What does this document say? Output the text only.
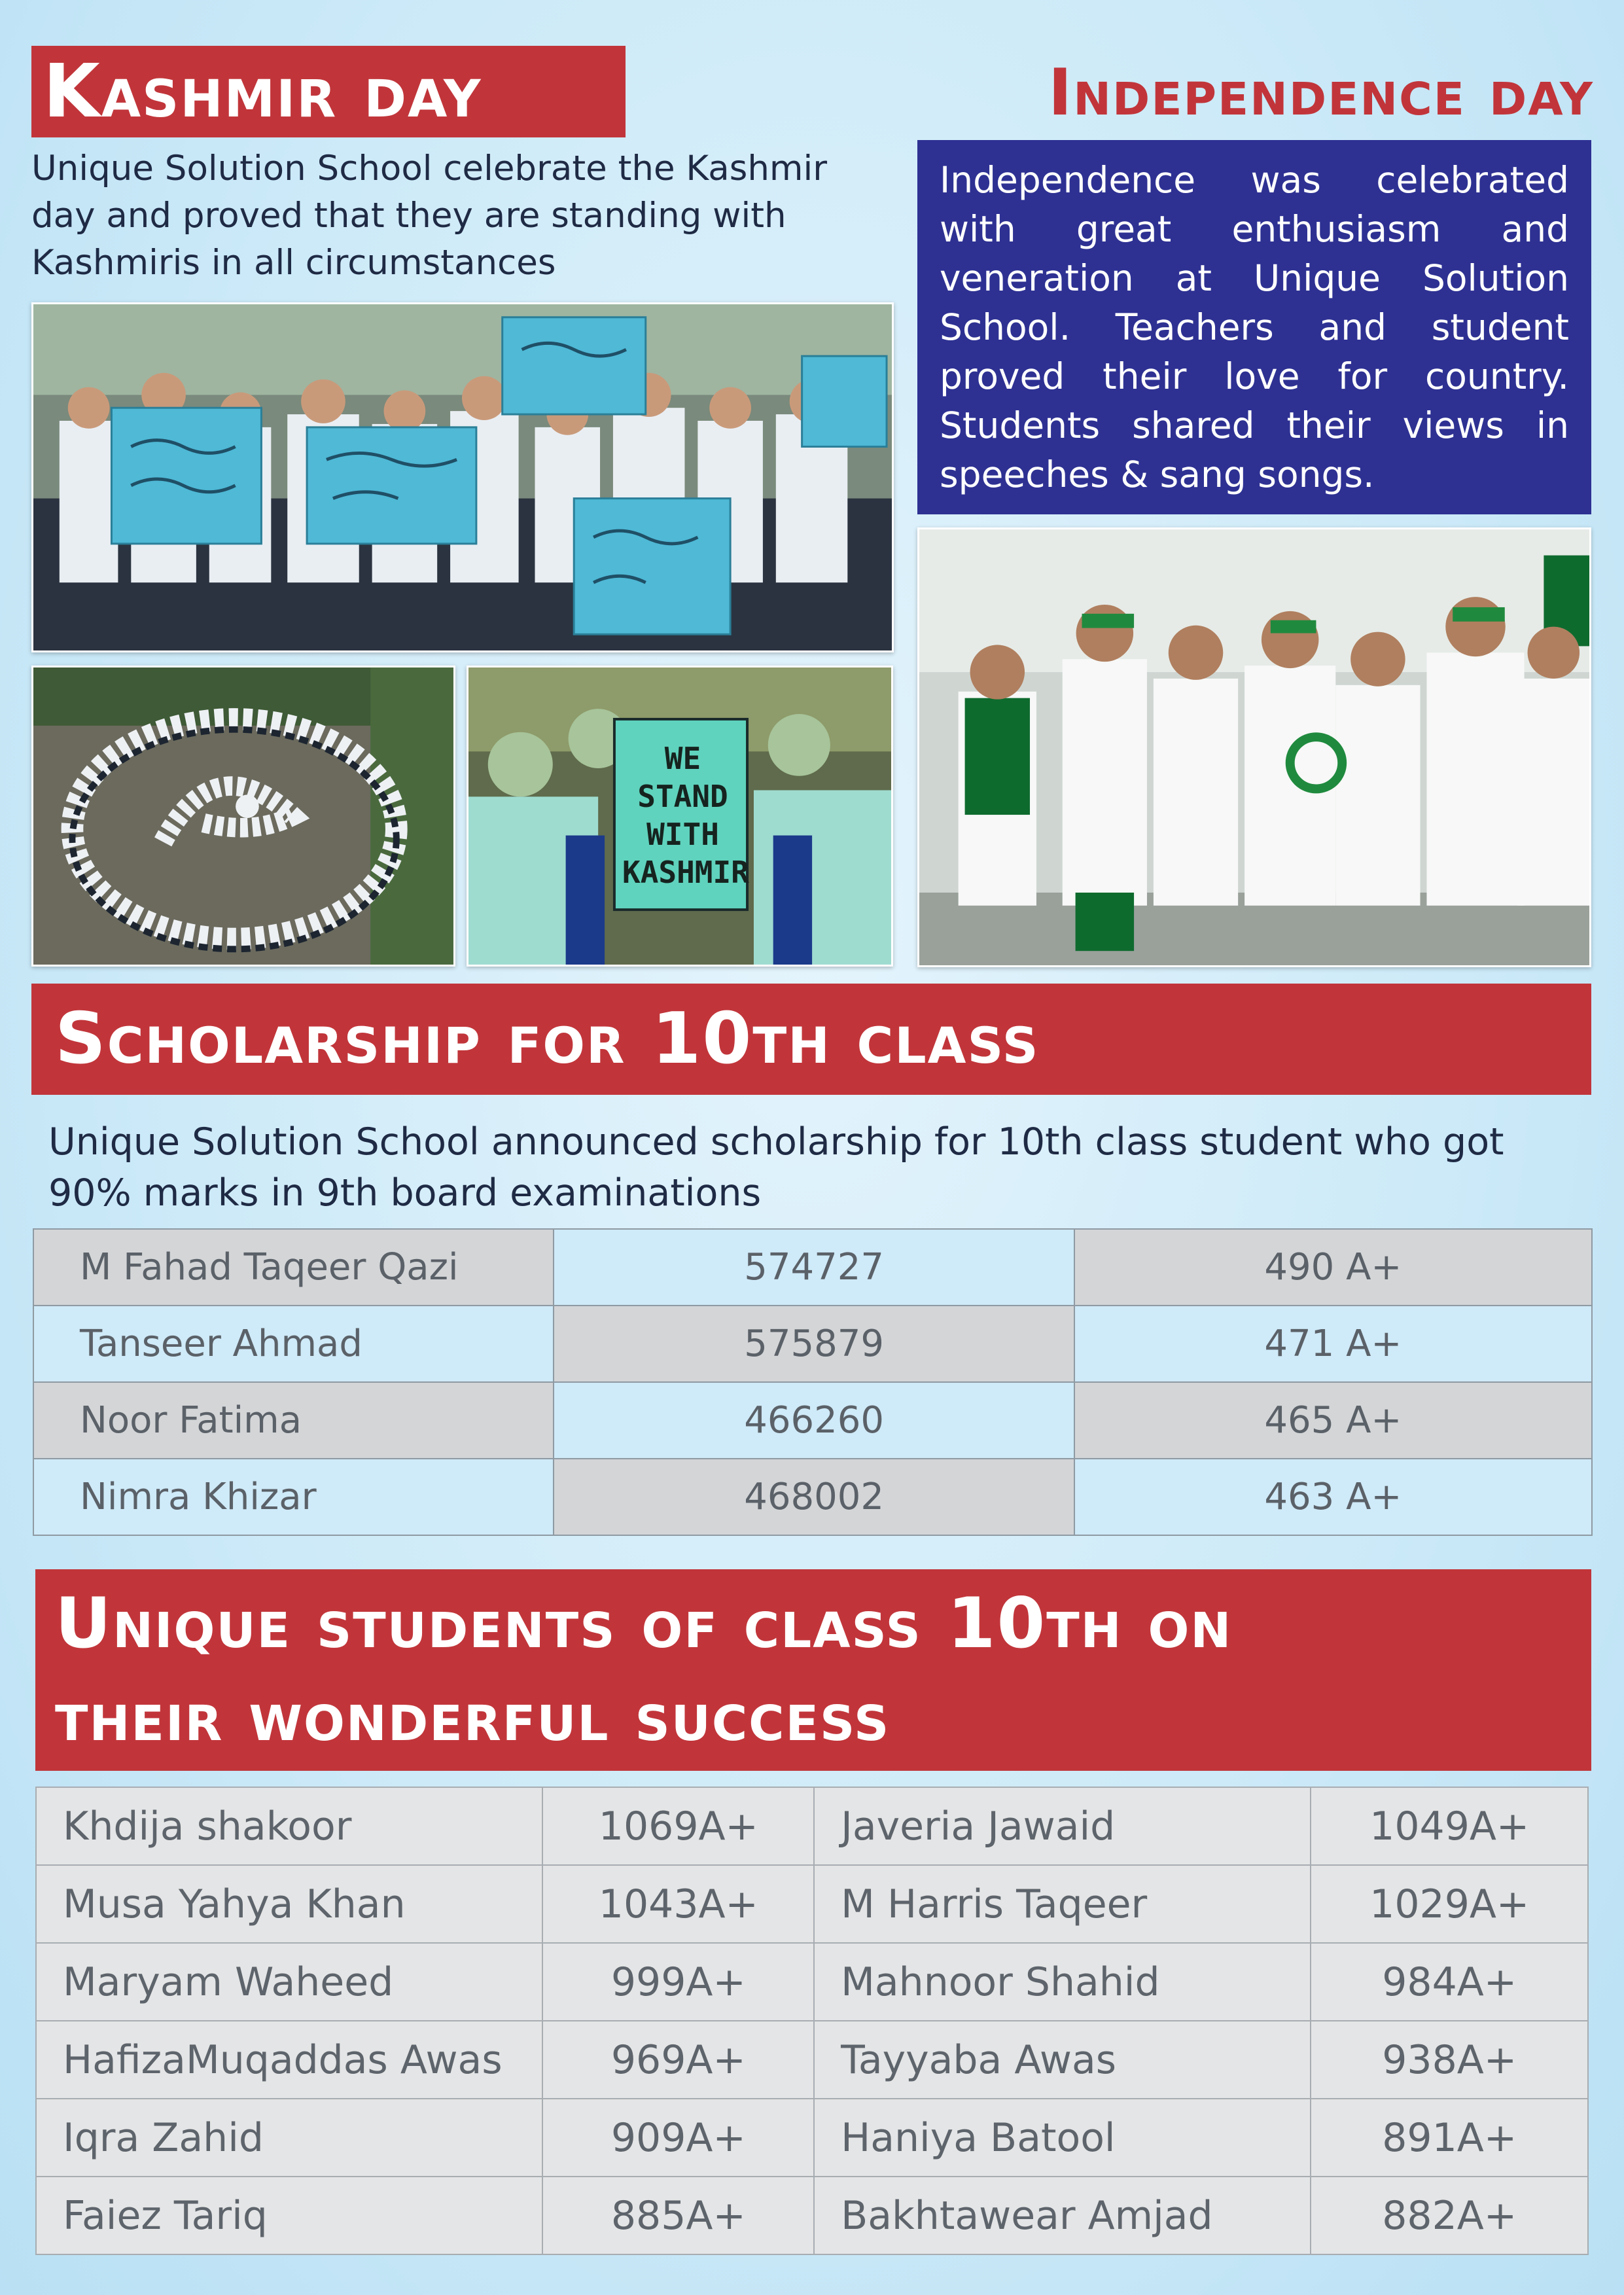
Kashmir day
Unique Solution School celebrate the Kashmir day and proved that they are standing with Kashmiris in all circumstances
WE STAND WITH KASHMIR
Independence day
Independence was celebrated with great enthusiasm and veneration at Unique Solution School. Teachers and student proved their love for country. Students shared their views in speeches & sang songs.
Scholarship for 10th class
Unique Solution School announced scholarship for 10th class student who got 90% marks in 9th board examinations
M Fahad Taqeer Qazi	574727	490 A+
Tanseer Ahmad	575879	471 A+
Noor Fatima	466260	465 A+
Nimra Khizar	468002	463 A+
Unique students of class 10th on
their wonderful success
Khdija shakoor	1069A+	Javeria Jawaid	1049A+
Musa Yahya Khan	1043A+	M Harris Taqeer	1029A+
Maryam Waheed	999A+	Mahnoor Shahid	984A+
HafizaMuqaddas Awas	969A+	Tayyaba Awas	938A+
Iqra Zahid	909A+	Haniya Batool	891A+
Faiez Tariq	885A+	Bakhtawear Amjad	882A+
